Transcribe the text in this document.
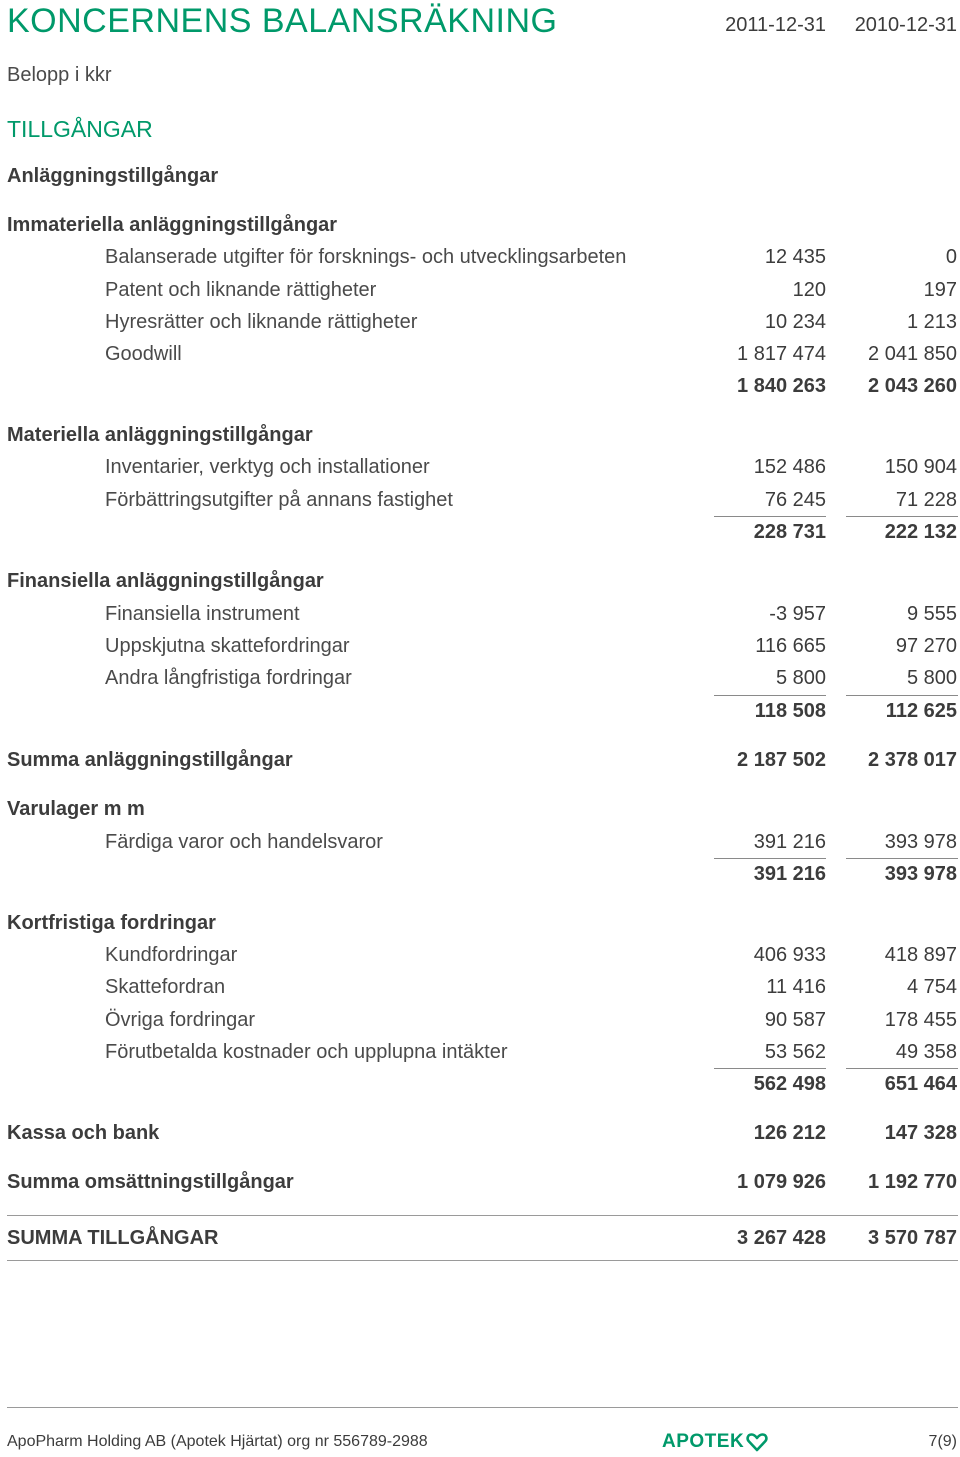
KONCERNENS BALANSRÄKNING	2011-12-31	2010-12-31
Belopp i kkr
TILLGÅNGAR
Anläggningstillgångar
Immateriella anläggningstillgångar
Balanserade utgifter för forsknings- och utvecklingsarbeten	12 435	0
Patent och liknande rättigheter	120	197
Hyresrätter och liknande rättigheter	10 234	1 213
Goodwill	1 817 474	2 041 850
1 840 263	2 043 260
Materiella anläggningstillgångar
Inventarier, verktyg och installationer	152 486	150 904
Förbättringsutgifter på annans fastighet	76 245	71 228
228 731	222 132
Finansiella anläggningstillgångar
Finansiella instrument	-3 957	9 555
Uppskjutna skattefordringar	116 665	97 270
Andra långfristiga fordringar	5 800	5 800
118 508	112 625
Summa anläggningstillgångar	2 187 502	2 378 017
Varulager m m
Färdiga varor och handelsvaror	391 216	393 978
391 216	393 978
Kortfristiga fordringar
Kundfordringar	406 933	418 897
Skattefordran	11 416	4 754
Övriga fordringar	90 587	178 455
Förutbetalda kostnader och upplupna intäkter	53 562	49 358
562 498	651 464
Kassa och bank	126 212	147 328
Summa omsättningstillgångar	1 079 926	1 192 770
SUMMA TILLGÅNGAR	3 267 428	3 570 787
ApoPharm Holding AB (Apotek Hjärtat) org nr 556789-2988	APOTEK	7(9)
